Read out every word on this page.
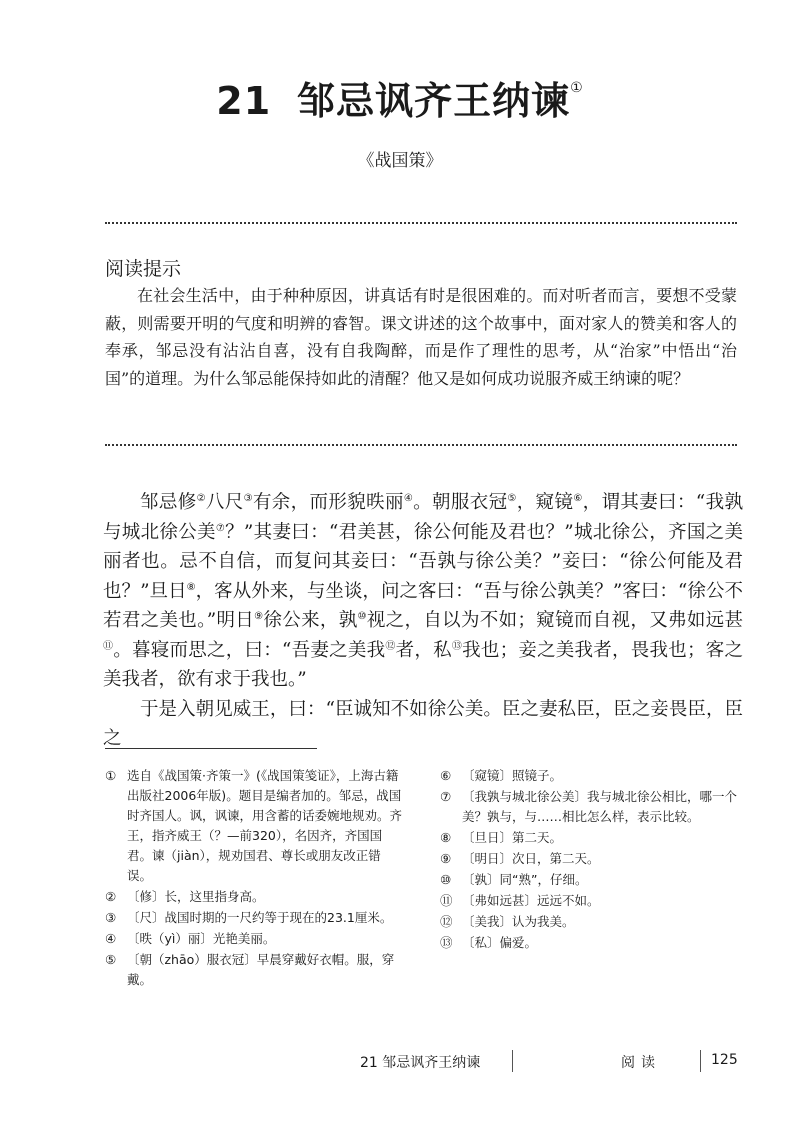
21 邹忌讽齐王纳谏①
《战国策》
阅读提示

在社会生活中，由于种种原因，讲真话有时是很困难的。而对听者而言，要想不受蒙蔽，则需要开明的气度和明辨的睿智。课文讲述的这个故事中，面对家人的赞美和客人的奉承，邹忌没有沾沾自喜，没有自我陶醉，而是作了理性的思考，从“治家”中悟出“治国”的道理。为什么邹忌能保持如此的清醒？他又是如何成功说服齐威王纳谏的呢？

邹忌修②八尺③有余，而形貌昳丽④。朝服衣冠⑤，窥镜⑥，谓其妻曰：“我孰与城北徐公美⑦？”其妻曰：“君美甚，徐公何能及君也？”城北徐公，齐国之美丽者也。忌不自信，而复问其妾曰：“吾孰与徐公美？”妾曰：“徐公何能及君也？”旦日⑧，客从外来，与坐谈，问之客曰：“吾与徐公孰美？”客曰：“徐公不若君之美也。”明日⑨徐公来，孰⑩视之，自以为不如；窥镜而自视，又弗如远甚⑪。暮寝而思之，曰：“吾妻之美我⑫者，私⑬我也；妾之美我者，畏我也；客之美我者，欲有求于我也。”

于是入朝见威王，曰：“臣诚知不如徐公美。臣之妻私臣，臣之妾畏臣，臣之

① 选自《战国策·齐策一》(《战国策笺证》，上海古籍出版社2006年版)。题目是编者加的。邹忌，战国时齐国人。讽，讽谏，用含蓄的话委婉地规劝。齐王，指齐威王（？—前320），名因齐，齐国国君。谏（jiàn），规劝国君、尊长或朋友改正错误。
② 〔修〕长，这里指身高。
③ 〔尺〕战国时期的一尺约等于现在的23.1厘米。
④ 〔昳（yì）丽〕光艳美丽。
⑤ 〔朝（zhāo）服衣冠〕早晨穿戴好衣帽。服，穿戴。
⑥ 〔窥镜〕照镜子。
⑦ 〔我孰与城北徐公美〕我与城北徐公相比，哪一个美？孰与，与……相比怎么样，表示比较。
⑧ 〔旦日〕第二天。
⑨ 〔明日〕次日，第二天。
⑩ 〔孰〕同“熟”，仔细。
⑪ 〔弗如远甚〕远远不如。
⑫ 〔美我〕认为我美。
⑬ 〔私〕偏爱。
21 邹忌讽齐王纳谏	阅读	125
